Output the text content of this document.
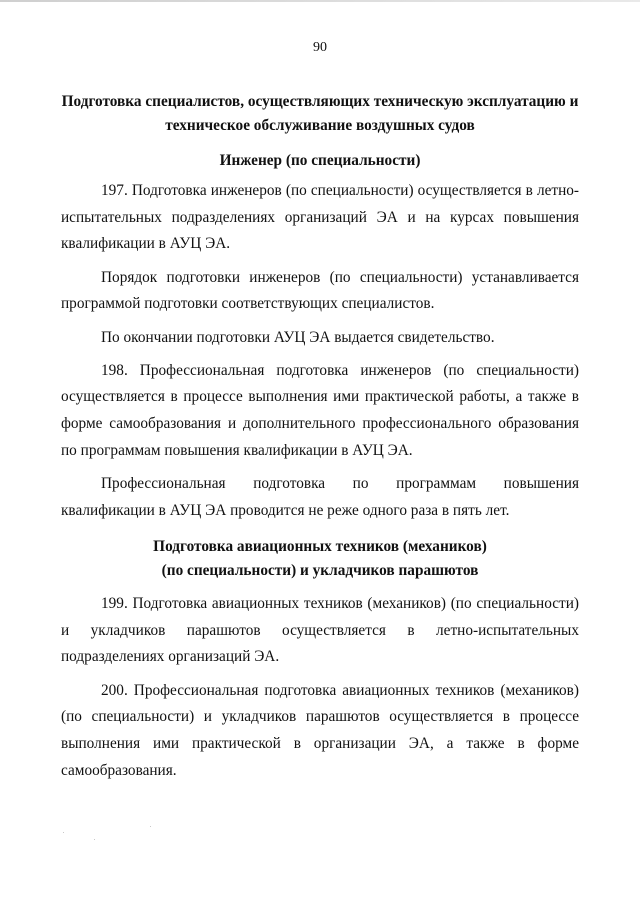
90

Подготовка специалистов, осуществляющих техническую эксплуатацию и

техническое обслуживание воздушных судов

Инженер (по специальности)

197. Подготовка инженеров (по специальности) осуществляется в летно-испытательных подразделениях организаций ЭА и на курсах повышения квалификации в АУЦ ЭА.

Порядок подготовки инженеров (по специальности) устанавливается программой подготовки соответствующих специалистов.

По окончании подготовки АУЦ ЭА выдается свидетельство.

198. Профессиональная подготовка инженеров (по специальности) осуществляется в процессе выполнения ими практической работы, а также в форме самообразования и дополнительного профессионального образования по программам повышения квалификации в АУЦ ЭА.

Профессиональная подготовка по программам повышения квалификации в АУЦ ЭА проводится не реже одного раза в пять лет.

Подготовка авиационных техников (механиков)

(по специальности) и укладчиков парашютов

199. Подготовка авиационных техников (механиков) (по специальности) и укладчиков парашютов осуществляется в летно-испытательных подразделениях организаций ЭА.

200. Профессиональная подготовка авиационных техников (механиков) (по специальности) и укладчиков парашютов осуществляется в процессе выполнения ими практической в организации ЭА, а также в форме самообразования.
